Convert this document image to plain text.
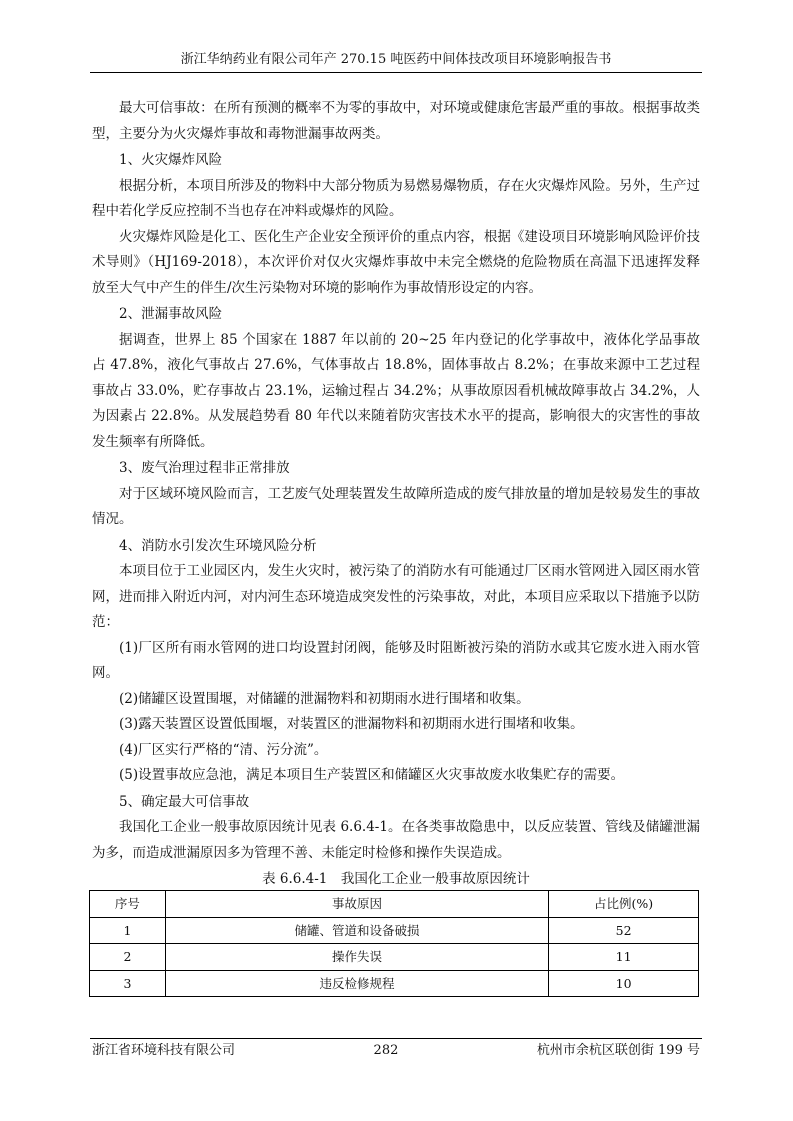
浙江华纳药业有限公司年产 270.15 吨医药中间体技改项目环境影响报告书

最大可信事故：在所有预测的概率不为零的事故中，对环境或健康危害最严重的事故。根据事故类型，主要分为火灾爆炸事故和毒物泄漏事故两类。

1、火灾爆炸风险

根据分析，本项目所涉及的物料中大部分物质为易燃易爆物质，存在火灾爆炸风险。另外，生产过程中若化学反应控制不当也存在冲料或爆炸的风险。

火灾爆炸风险是化工、医化生产企业安全预评价的重点内容，根据《建设项目环境影响风险评价技术导则》（HJ169-2018），本次评价对仅火灾爆炸事故中未完全燃烧的危险物质在高温下迅速挥发释放至大气中产生的伴生/次生污染物对环境的影响作为事故情形设定的内容。

2、泄漏事故风险

据调查，世界上 85 个国家在 1887 年以前的 20~25 年内登记的化学事故中，液体化学品事故占 47.8%，液化气事故占 27.6%，气体事故占 18.8%，固体事故占 8.2%；在事故来源中工艺过程事故占 33.0%，贮存事故占 23.1%，运输过程占 34.2%；从事故原因看机械故障事故占 34.2%，人为因素占 22.8%。从发展趋势看 80 年代以来随着防灾害技术水平的提高，影响很大的灾害性的事故发生频率有所降低。

3、废气治理过程非正常排放

对于区域环境风险而言，工艺废气处理装置发生故障所造成的废气排放量的增加是较易发生的事故情况。

4、消防水引发次生环境风险分析

本项目位于工业园区内，发生火灾时，被污染了的消防水有可能通过厂区雨水管网进入园区雨水管网，进而排入附近内河，对内河生态环境造成突发性的污染事故，对此，本项目应采取以下措施予以防范：

(1)厂区所有雨水管网的进口均设置封闭阀，能够及时阻断被污染的消防水或其它废水进入雨水管网。

(2)储罐区设置围堰，对储罐的泄漏物料和初期雨水进行围堵和收集。

(3)露天装置区设置低围堰，对装置区的泄漏物料和初期雨水进行围堵和收集。

(4)厂区实行严格的“清、污分流”。

(5)设置事故应急池，满足本项目生产装置区和储罐区火灾事故废水收集贮存的需要。

5、确定最大可信事故

我国化工企业一般事故原因统计见表 6.6.4-1。在各类事故隐患中，以反应装置、管线及储罐泄漏为多，而造成泄漏原因多为管理不善、未能定时检修和操作失误造成。

表 6.6.4-1　我国化工企业一般事故原因统计
序号	事故原因	占比例(%)
1	储罐、管道和设备破损	52
2	操作失误	11
3	违反检修规程	10
浙江省环境科技有限公司	282	杭州市余杭区联创街 199 号
